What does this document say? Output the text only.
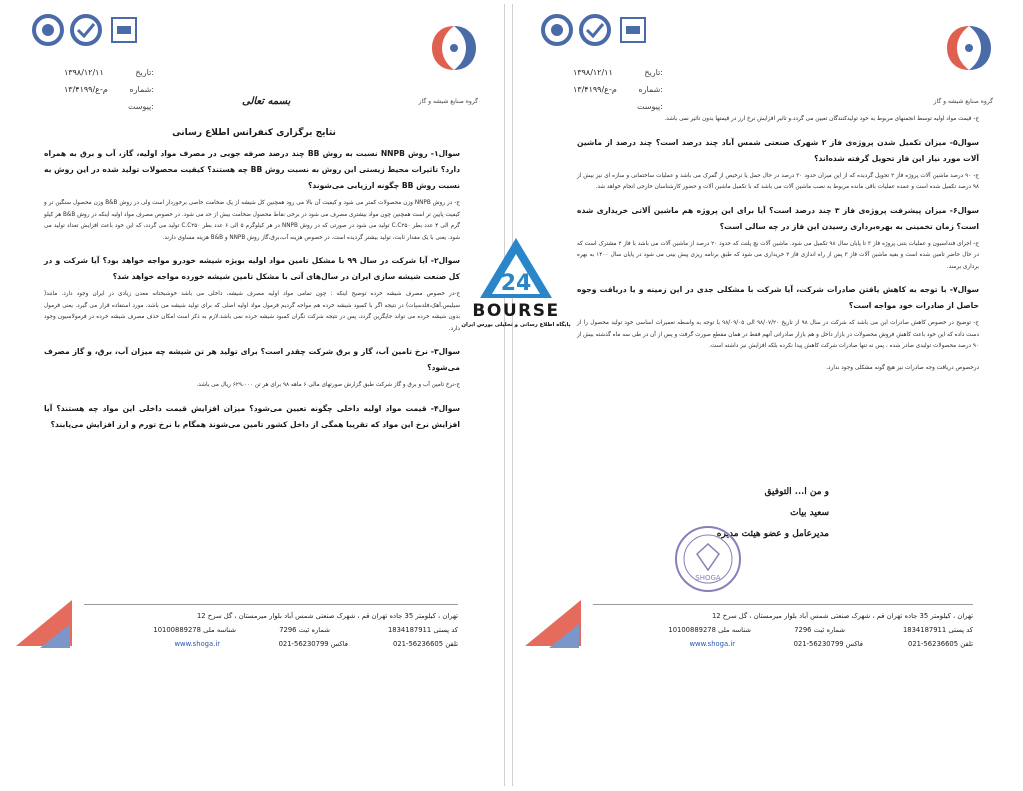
۱۳۹۸/۱۲/۱۱	تاریخ:
م-ع/۱۳/۴۱۹۹	شماره:
پیوست:
گروه صنایع شیشه و گاز
بسمه تعالی
نتایج برگزاری کنفرانس اطلاع رسانی
سوال۱- روش NNPB نسبت به روش BB چند درصد صرفه جویی در مصرف مواد اولیه، گاز، آب و برق به همراه دارد؟ تاثیرات محیط زیستی این روش به نسبت روش BB چه هستند؟ کیفیت محصولات تولید شده در این روش به نسبت روش BB چگونه ارزیابی می‌شوند؟
ج- در روش NNPB وزن محصولات کمتر می شود و کیفیت آن بالا می رود همچنین کل شیشه از یک ضخامت خاصی برخوردار است ولی در روش B&B وزن محصول سنگین تر و کیفیت پایین تر است همچنین چون مواد بیشتری مصرف می شود در برخی نقاط محصول ضخامت بیش از حد می شود. در خصوص مصرف مواد اولیه اینکه در روش B&B هر کیلو گرم الی ۴ عدد بطر C.C۲۵۰ تولید می شود در صورتی که در روش NNPB در هر کیلوگرم ۵ الی ۶ عدد بطر C.C۲۵۰ تولید می گردد، که این خود باعث افزایش تعداد تولید می شود. یعنی با یک مقدار ثابت، تولید بیشتر گردیده است. در خصوص هزینه آب،برق،گاز روش NNPB و B&B هزینه مساوی دارند.
سوال۲- آیا شرکت در سال ۹۹ با مشکل تامین مواد اولیه بویژه شیشه خودرو مواجه خواهد بود؟ آیا شرکت و در کل صنعت شیشه سازی ایران در سال‌های آتی با مشکل تامین شیشه خورده مواجه خواهد شد؟
ج-در خصوص مصرف شیشه خرده توضیح اینکه : چون تمامی مواد اولیه مصرف شیشه، داخلی می باشد خوشبختانه معدن زیادی در ایران وجود دارد. مانند( سیلیس،آهک،فلدسپات) در نتیجه اگر با کمبود شیشه خرده هم مواجه گردیم فرمول مواد اولیه اصلی که برای تولید شیشه می باشد، مورد استفاده قرار می گیرد. یعنی فرمول بدون شیشه خرده می تواند جایگزین گردد، پس در نتیجه شرکت نگران کمبود شیشه خرده نمی باشد.لازم به ذکر است امکان حذف مصرف شیشه خرده در فرمولاسیون وجود دارد.
سوال۳- نرخ تامین آب، گاز و برق شرکت چقدر است؟ برای تولید هر تن شیشه چه میزان آب، برق، و گاز مصرف می‌شود؟
ج-نرخ تامین آب و برق و گاز شرکت طبق گزارش صورتهای مالی ۶ ماهه ۹۸ برای هر تن ۶۲۹،۰۰۰ ریال می باشد.
سوال۴- قیمت مواد اولیه داخلی چگونه تعیین می‌شود؟ میزان افزایش قیمت داخلی این مواد چه هستند؟ آیا افزایش نرخ این مواد که تقریبا همگی از داخل کشور تامین می‌شوند همگام با نرخ تورم و ارز افزایش می‌یابند؟
تهران ، کیلومتر 35 جاده تهران قم ، شهرک صنعتی شمس آباد بلوار میرمستان ، گل سرخ 12
کد پستی 1834187911
شماره ثبت 7296
شناسه ملی 10100889278
تلفن 56236605-021
فاکس 56230799-021
www.shoga.ir
۱۳۹۸/۱۲/۱۱	تاریخ:
م-ع/۱۳/۴۱۹۹	شماره:
پیوست:
گروه صنایع شیشه و گاز
ج- قیمت مواد اولیه توسط انجمنهای مربوط به خود تولیدکنندگان تعیین می گردد.و تاثیر افزایش نرخ ارز در قیمتها بدون تاثیر نمی باشد.
سوال۵- میزان تکمیل شدن پروژه‌ی فاز ۲ شهرک صنعتی شمس آباد چند درصد است؟ چند درصد از ماشین آلات مورد نیاز این فاز تحویل گرفته شده‌اند؟
ج- ۹۰ درصد ماشین آلات پروژه فاز ۲ تحویل گردیده که از این میزان حدود ۳۰ درصد در حال حمل یا ترخیص از گمرک می باشد و عملیات ساختمانی و سازه ای نیز بیش از ۹۸ درصد تکمیل شده است و عمده عملیات باقی مانده مربوط به نصب ماشین آلات می باشد که با تکمیل ماشین آلات و حضور کارشناسان خارجی انجام خواهد شد.
سوال۶- میزان پیشرفت پروژه‌ی فاز ۳ چند درصد است؟ آیا برای این پروژه هم ماشین آلاتی خریداری شده است؟ زمان تخمینی به بهره‌برداری رسیدن این فاز در چه سالی است؟
ج- اجرای فنداسیون و عملیات بتنی پروژه فاز ۳ تا پایان سال ۹۸ تکمیل می شود. ماشین آلات بچ پلنت که حدود ۲۰ درصد از ماشین آلات می باشد با فاز ۲ مشترک است که در حال حاضر تامین شده است و بقیه ماشین آلات فاز ۳ پس از راه اندازی فاز ۲ خریداری می شود که طبق برنامه ریزی پیش بینی می شود در پایان سال ۱۴۰۰ به بهره برداری برسد.
سوال۷- با توجه به کاهش یافتن صادرات شرکت، آیا شرکت با مشکلی جدی در این زمینه و یا دریافت وجوه حاصل از صادرات خود مواجه است؟
ج- توضیح در خصوص کاهش صادرات این می باشد که شرکت در سال ۹۸ از تاریخ ۹۸/۰۷/۲۰ الی ۹۸/۰۹/۰۵ با توجه به واسطه تعمیرات اساسی خود تولید محصول را از دست داده که این خود باعث کاهش فروش محصولات در بازار داخل و هم بازار صادراتی آنهم فقط در همان مقطع صورت گرفت و پس از آن در طی سه ماه گذشته بیش از ۹۰ درصد محصولات تولیدی صادر شده ، پس نه تنها صادرات شرکت کاهش پیدا نکرده بلکه افزایش نیز داشته است.
درخصوص دریافت وجه صادرات نیز هیچ گونه مشکلی وجود ندارد.
و من ا... التوفیق
سعید بیات
مدیرعامل و عضو هیئت مدیره
SHOGA
تهران ، کیلومتر 35 جاده تهران قم ، شهرک صنعتی شمس آباد بلوار میرمستان ، گل سرخ 12
کد پستی 1834187911
شماره ثبت 7296
شناسه ملی 10100889278
تلفن 56236605-021
فاکس 56230799-021
www.shoga.ir
24
BOURSE
پایگاه اطلاع رسانی و تحلیلی بورس ایران
